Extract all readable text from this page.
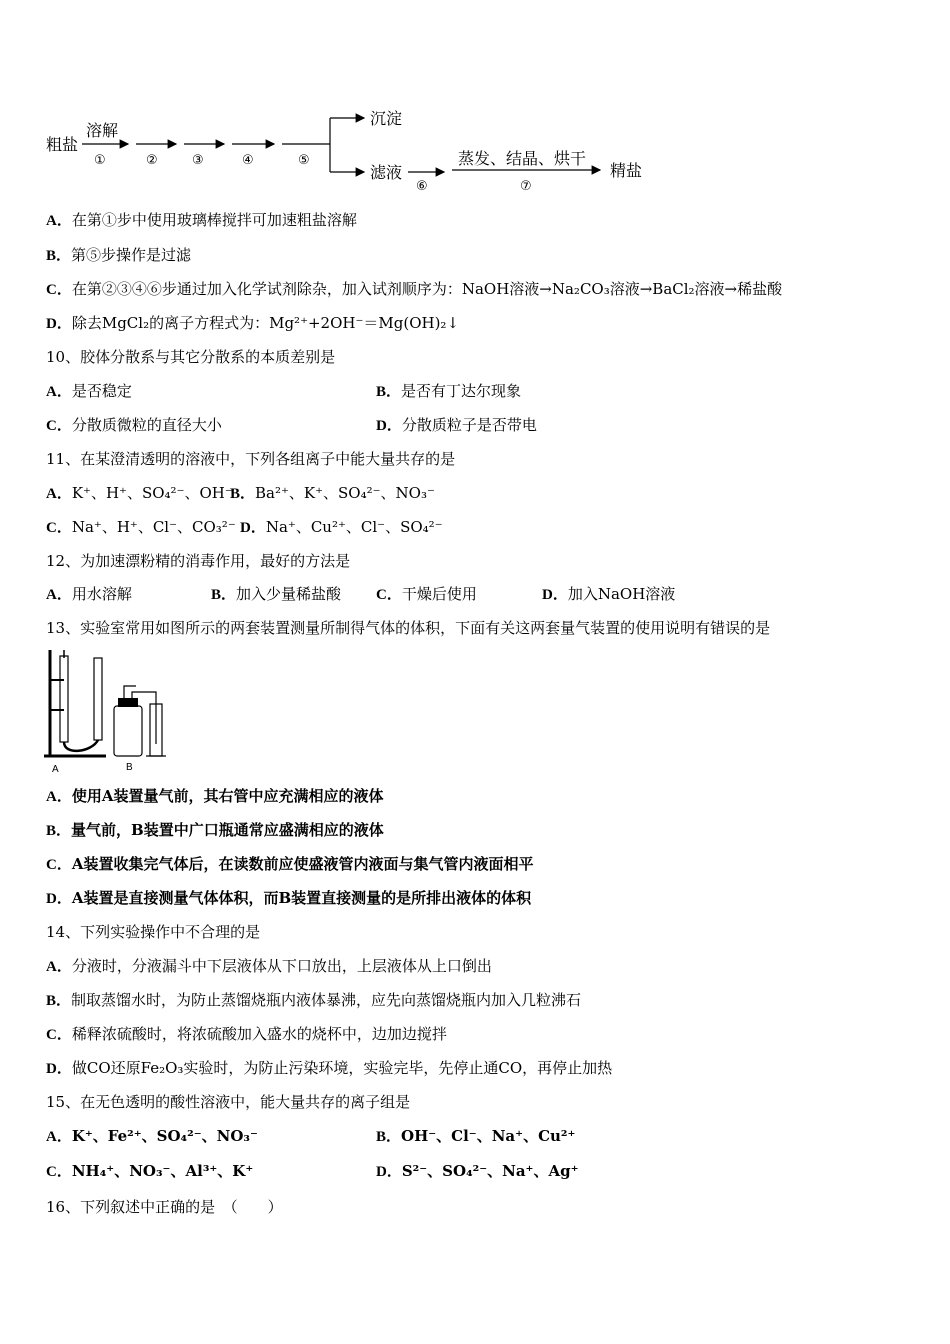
粗盐
溶解
①	②	③	④	⑤
沉淀
滤液
⑥
蒸发、结晶、烘干
⑦
精盐
A．在第①步中使用玻璃棒搅拌可加速粗盐溶解
B．第⑤步操作是过滤
C．在第②③④⑥步通过加入化学试剂除杂，加入试剂顺序为：NaOH溶液→Na₂CO₃溶液→BaCl₂溶液→稀盐酸
D．除去MgCl₂的离子方程式为：Mg²⁺+2OH⁻＝Mg(OH)₂↓
10、胶体分散系与其它分散系的本质差别是
A．是否稳定	B．是否有丁达尔现象
C．分散质微粒的直径大小	D．分散质粒子是否带电
11、在某澄清透明的溶液中，下列各组离子中能大量共存的是
A．K⁺、H⁺、SO₄²⁻、OH⁻
B．Ba²⁺、K⁺、SO₄²⁻、NO₃⁻
C．Na⁺、H⁺、Cl⁻、CO₃²⁻ D．Na⁺、Cu²⁺、Cl⁻、SO₄²⁻
12、为加速漂粉精的消毒作用，最好的方法是
A．用水溶解	B．加入少量稀盐酸 C．干燥后使用	D．加入NaOH溶液
13、实验室常用如图所示的两套装置测量所制得气体的体积，下面有关这两套量气装置的使用说明有错误的是
A	B
A．使用A装置量气前，其右管中应充满相应的液体
B．量气前，B装置中广口瓶通常应盛满相应的液体
C．A装置收集完气体后，在读数前应使盛液管内液面与集气管内液面相平
D．A装置是直接测量气体体积，而B装置直接测量的是所排出液体的体积
14、下列实验操作中不合理的是
A．分液时，分液漏斗中下层液体从下口放出，上层液体从上口倒出
B．制取蒸馏水时，为防止蒸馏烧瓶内液体暴沸，应先向蒸馏烧瓶内加入几粒沸石
C．稀释浓硫酸时，将浓硫酸加入盛水的烧杯中，边加边搅拌
D．做CO还原Fe₂O₃实验时，为防止污染环境，实验完毕，先停止通CO，再停止加热
15、在无色透明的酸性溶液中，能大量共存的离子组是
A．K⁺、Fe²⁺、SO₄²⁻、NO₃⁻	B．OH⁻、Cl⁻、Na⁺、Cu²⁺
C．NH₄⁺、NO₃⁻、Al³⁺、K⁺	D．S²⁻、SO₄²⁻、Na⁺、Ag⁺
16、下列叙述中正确的是　（　　）
